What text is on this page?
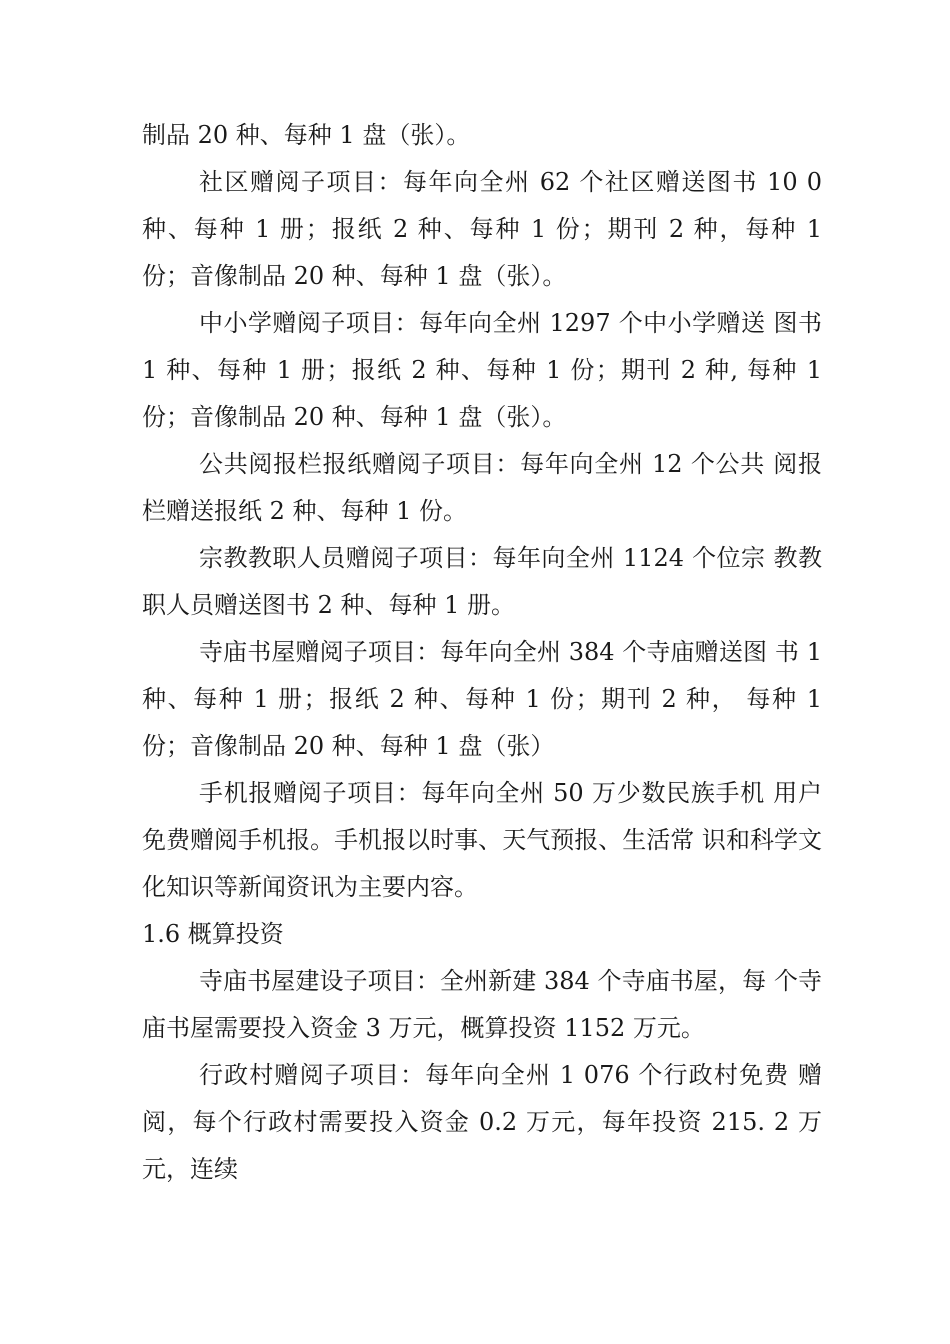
制品 20 种、每种 1 盘（张）。

社区赠阅子项目：每年向全州 62 个社区赠送图书 10 0 种、每种 1 册；报纸 2 种、每种 1 份；期刊 2 种，每种 1 份；音像制品 20 种、每种 1 盘（张）。

中小学赠阅子项目：每年向全州 1297 个中小学赠送 图书 1 种、每种 1 册；报纸 2 种、每种 1 份；期刊 2 种, 每种 1 份；音像制品 20 种、每种 1 盘（张）。

公共阅报栏报纸赠阅子项目：每年向全州 12 个公共 阅报栏赠送报纸 2 种、每种 1 份。

宗教教职人员赠阅子项目：每年向全州 1124 个位宗 教教职人员赠送图书 2 种、每种 1 册。

寺庙书屋赠阅子项目：每年向全州 384 个寺庙赠送图 书 1 种、每种 1 册；报纸 2 种、每种 1 份；期刊 2 种， 每种 1 份；音像制品 20 种、每种 1 盘（张）

手机报赠阅子项目：每年向全州 50 万少数民族手机 用户免费赠阅手机报。手机报以时事、天气预报、生活常 识和科学文化知识等新闻资讯为主要内容。

1.6 概算投资

寺庙书屋建设子项目：全州新建 384 个寺庙书屋，每 个寺庙书屋需要投入资金 3 万元，概算投资 1152 万元。

行政村赠阅子项目：每年向全州 1 076 个行政村免费 赠阅，每个行政村需要投入资金 0.2 万元，每年投资 215. 2 万元，连续
